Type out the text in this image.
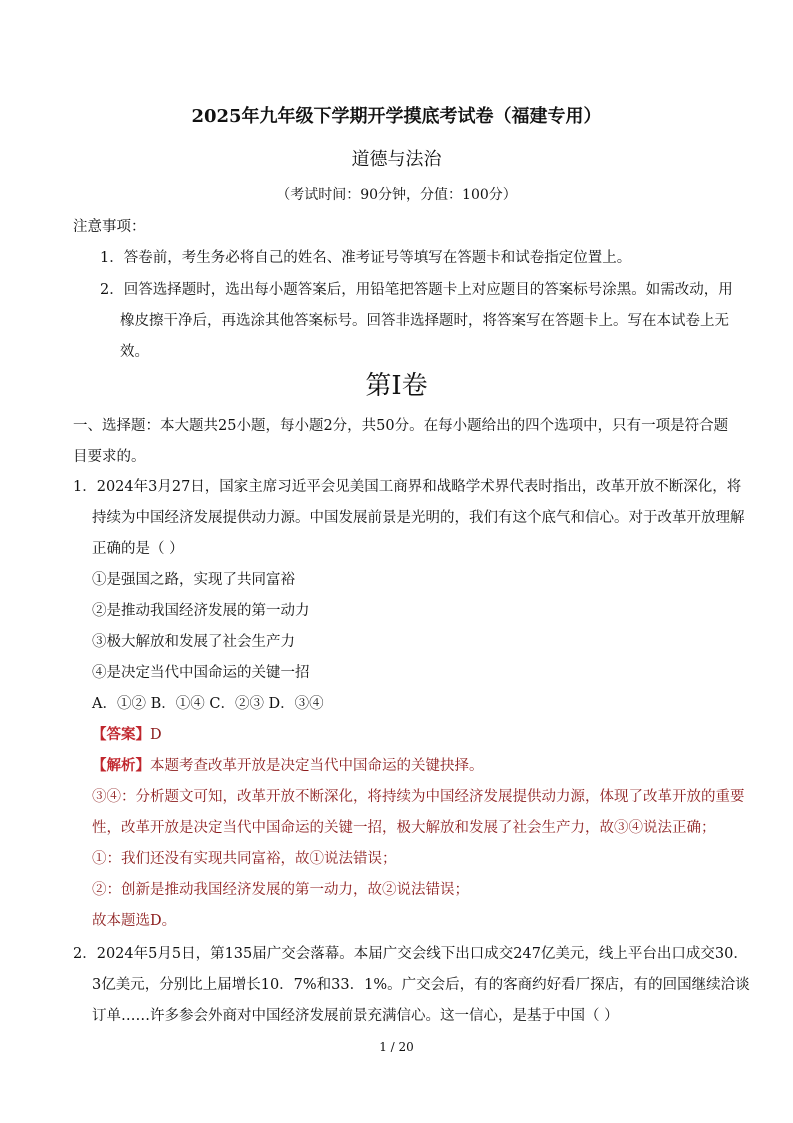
2025年九年级下学期开学摸底考试卷（福建专用）
道德与法治
（考试时间：90分钟，分值：100分）
注意事项：
1．答卷前，考生务必将自己的姓名、准考证号等填写在答题卡和试卷指定位置上。
2．回答选择题时，选出每小题答案后，用铅笔把答题卡上对应题目的答案标号涂黑。如需改动，用
橡皮擦干净后，再选涂其他答案标号。回答非选择题时，将答案写在答题卡上。写在本试卷上无
效。
第Ⅰ卷
一、选择题：本大题共25小题，每小题2分，共50分。在每小题给出的四个选项中，只有一项是符合题
目要求的。
1．2024年3月27日，国家主席习近平会见美国工商界和战略学术界代表时指出，改革开放不断深化，将
持续为中国经济发展提供动力源。中国发展前景是光明的，我们有这个底气和信心。对于改革开放理解
正确的是（ ）
①是强国之路，实现了共同富裕
②是推动我国经济发展的第一动力
③极大解放和发展了社会生产力
④是决定当代中国命运的关键一招
A．①② B．①④ C．②③ D．③④
【答案】D
【解析】本题考查改革开放是决定当代中国命运的关键抉择。
③④：分析题文可知，改革开放不断深化，将持续为中国经济发展提供动力源，体现了改革开放的重要
性，改革开放是决定当代中国命运的关键一招，极大解放和发展了社会生产力，故③④说法正确；
①：我们还没有实现共同富裕，故①说法错误；
②：创新是推动我国经济发展的第一动力，故②说法错误；
故本题选D。
2．2024年5月5日，第135届广交会落幕。本届广交会线下出口成交247亿美元，线上平台出口成交30．
3亿美元，分别比上届增长10．7%和33．1%。广交会后，有的客商约好看厂探店，有的回国继续洽谈
订单……许多参会外商对中国经济发展前景充满信心。这一信心，是基于中国（ ）
1 / 20
